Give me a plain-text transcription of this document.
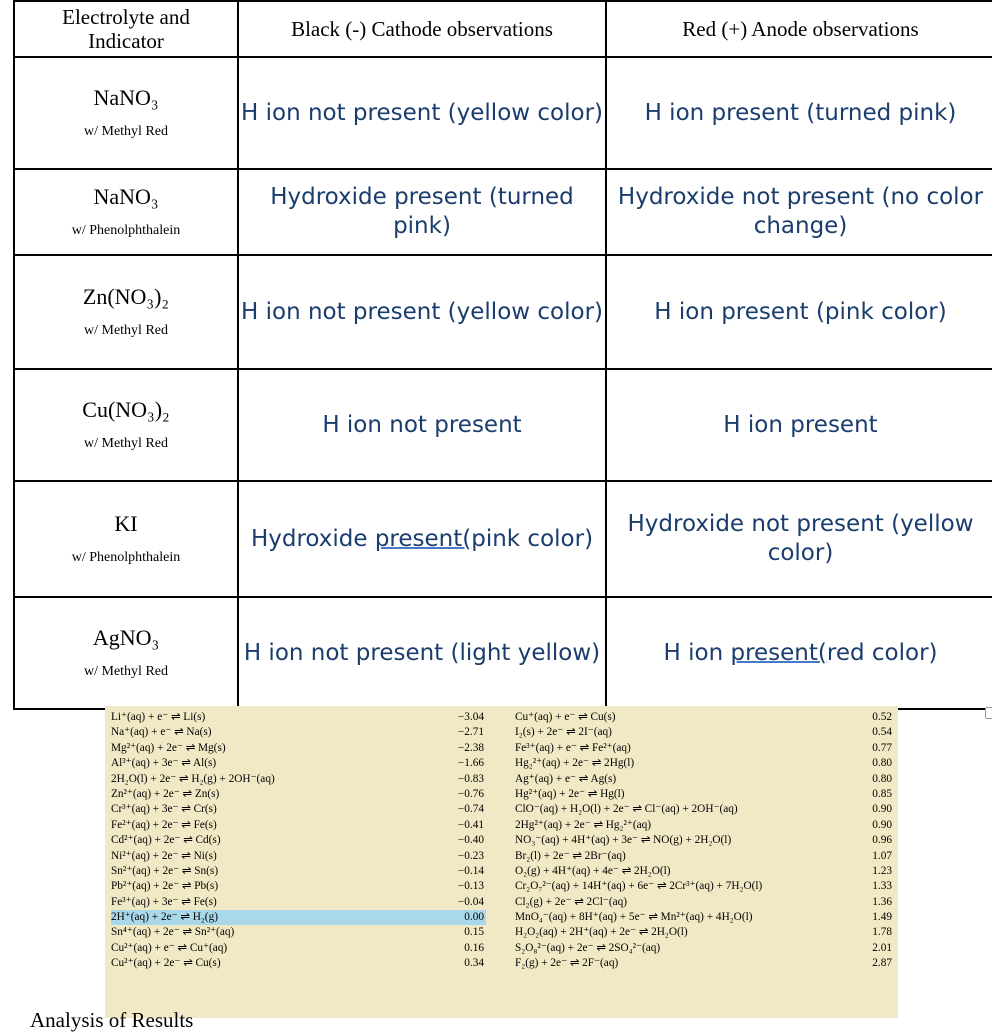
Electrolyte and
Indicator	Black (-) Cathode observations	Red (+) Anode observations

NaNO₃
w/ Methyl Red	H ion not present (yellow color)	H ion present (turned pink)

NaNO₃
w/ Phenolphthalein	Hydroxide present (turned pink)	Hydroxide not present (no color change)

Zn(NO₃)₂
w/ Methyl Red	H ion not present (yellow color)	H ion present (pink color)

Cu(NO₃)₂
w/ Methyl Red	H ion not present	H ion present

KI
w/ Phenolphthalein	Hydroxide present(pink color)	Hydroxide not present (yellow color)

AgNO₃
w/ Methyl Red	H ion not present (light yellow)	H ion present(red color)
Li⁺(aq) + e⁻ ⇌ Li(s)	−3.04
Na⁺(aq) + e⁻ ⇌ Na(s)	−2.71
Mg²⁺(aq) + 2e⁻ ⇌ Mg(s)	−2.38
Al³⁺(aq) + 3e⁻ ⇌ Al(s)	−1.66
2H₂O(l) + 2e⁻ ⇌ H₂(g) + 2OH⁻(aq)	−0.83
Zn²⁺(aq) + 2e⁻ ⇌ Zn(s)	−0.76
Cr³⁺(aq) + 3e⁻ ⇌ Cr(s)	−0.74
Fe²⁺(aq) + 2e⁻ ⇌ Fe(s)	−0.41
Cd²⁺(aq) + 2e⁻ ⇌ Cd(s)	−0.40
Ni²⁺(aq) + 2e⁻ ⇌ Ni(s)	−0.23
Sn²⁺(aq) + 2e⁻ ⇌ Sn(s)	−0.14
Pb²⁺(aq) + 2e⁻ ⇌ Pb(s)	−0.13
Fe³⁺(aq) + 3e⁻ ⇌ Fe(s)	−0.04
2H⁺(aq) + 2e⁻ ⇌ H₂(g)	0.00
Sn⁴⁺(aq) + 2e⁻ ⇌ Sn²⁺(aq)	0.15
Cu²⁺(aq) + e⁻ ⇌ Cu⁺(aq)	0.16
Cu²⁺(aq) + 2e⁻ ⇌ Cu(s)	0.34
Cu⁺(aq) + e⁻ ⇌ Cu(s)	0.52
I₂(s) + 2e⁻ ⇌ 2I⁻(aq)	0.54
Fe³⁺(aq) + e⁻ ⇌ Fe²⁺(aq)	0.77
Hg₂²⁺(aq) + 2e⁻ ⇌ 2Hg(l)	0.80
Ag⁺(aq) + e⁻ ⇌ Ag(s)	0.80
Hg²⁺(aq) + 2e⁻ ⇌ Hg(l)	0.85
ClO⁻(aq) + H₂O(l) + 2e⁻ ⇌ Cl⁻(aq) + 2OH⁻(aq)	0.90
2Hg²⁺(aq) + 2e⁻ ⇌ Hg₂²⁺(aq)	0.90
NO₃⁻(aq) + 4H⁺(aq) + 3e⁻ ⇌ NO(g) + 2H₂O(l)	0.96
Br₂(l) + 2e⁻ ⇌ 2Br⁻(aq)	1.07
O₂(g) + 4H⁺(aq) + 4e⁻ ⇌ 2H₂O(l)	1.23
Cr₂O₇²⁻(aq) + 14H⁺(aq) + 6e⁻ ⇌ 2Cr³⁺(aq) + 7H₂O(l)	1.33
Cl₂(g) + 2e⁻ ⇌ 2Cl⁻(aq)	1.36
MnO₄⁻(aq) + 8H⁺(aq) + 5e⁻ ⇌ Mn²⁺(aq) + 4H₂O(l)	1.49
H₂O₂(aq) + 2H⁺(aq) + 2e⁻ ⇌ 2H₂O(l)	1.78
S₂O₈²⁻(aq) + 2e⁻ ⇌ 2SO₄²⁻(aq)	2.01
F₂(g) + 2e⁻ ⇌ 2F⁻(aq)	2.87
Analysis of Results
